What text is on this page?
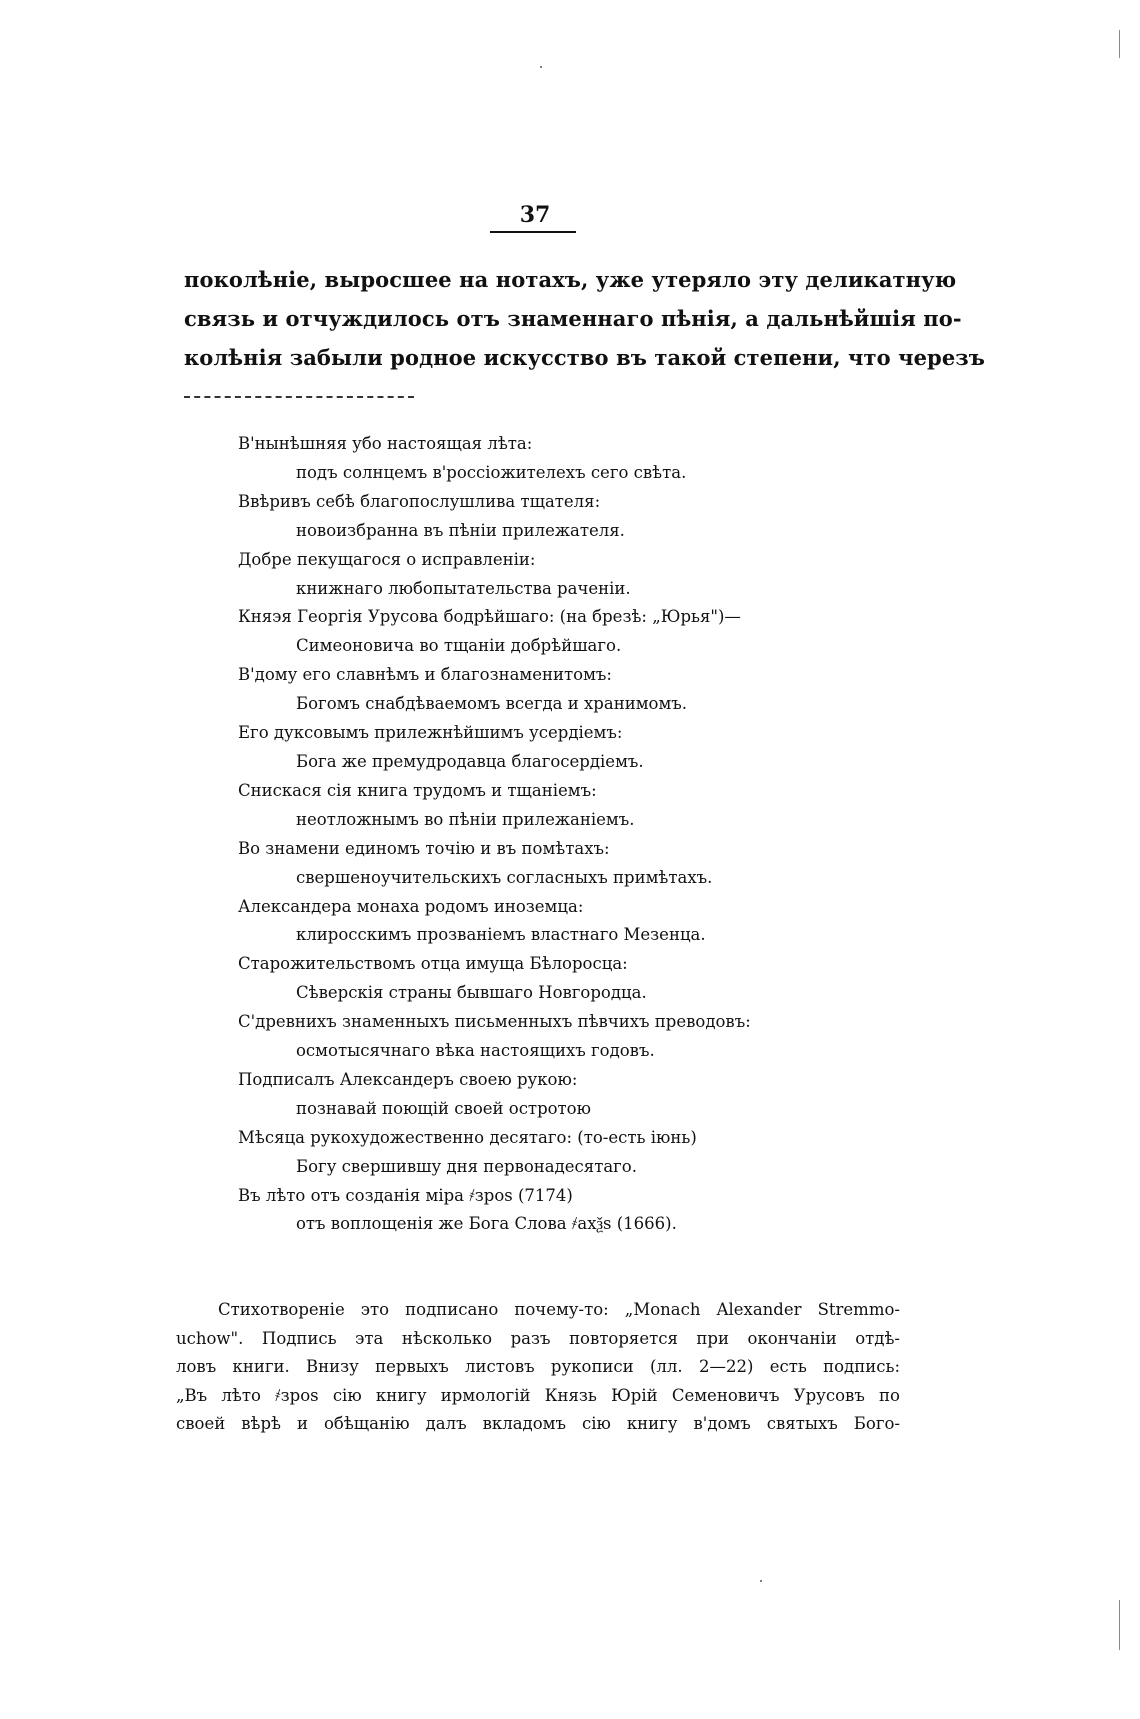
37
поколѣніе, выросшее на нотахъ, уже утеряло эту деликатную
связь и отчуждилось отъ знаменнаго пѣнія, а дальнѣйшія по-
колѣнія забыли родное искусство въ такой степени, что черезъ
В'нынѣшняя убо настоящая лѣта:
подъ солнцемъ в'россіожителехъ сего свѣта.
Ввѣривъ себѣ благопослушлива тщателя:
новоизбранна въ пѣніи прилежателя.
Добре пекущагося о исправленіи:
книжнаго любопытательства раченіи.
Княэя Георгія Урусова бодрѣйшаго: (на брезѣ: „Юрья")—
Симеоновича во тщаніи добрѣйшаго.
В'дому его славнѣмъ и благознаменитомъ:
Богомъ снабдѣваемомъ всегда и хранимомъ.
Его дуксовымъ прилежнѣйшимъ усердіемъ:
Бога же премудродавца благосердіемъ.
Снискася сія книга трудомъ и тщаніемъ:
неотложнымъ во пѣніи прилежаніемъ.
Во знамени единомъ точію и въ помѣтахъ:
свершеноучительскихъ согласныхъ примѣтахъ.
Александера монаха родомъ иноземца:
клиросскимъ прозваніемъ властнаго Мезенца.
Старожительствомъ отца имуща Бѣлоросца:
Сѣверскія страны бывшаго Новгородца.
С'древнихъ знаменныхъ письменныхъ пѣвчихъ преводовъ:
осмотысячнаго вѣка настоящихъ годовъ.
Подписалъ Александеръ своею рукою:
познавай поющій своей остротою
Мѣсяца рукохудожественно десятаго: (то-есть іюнь)
Богу свершившу дня первонадесятаго.
Въ лѣто отъ созданія міра ҂зроѕ (7174)
отъ воплощенія же Бога Слова ҂ахѯѕ (1666).
Стихотвореніе это подписано почему-то: „Monach Alexander Stremmo-
uchow". Подпись эта нѣсколько разъ повторяется при окончаніи отдѣ-
ловъ книги. Внизу первыхъ листовъ рукописи (лл. 2—22) есть подпись:
„Въ лѣто ҂зроѕ сію книгу ирмологій Князь Юрій Семеновичъ Урусовъ по
своей вѣрѣ и обѣщанію далъ вкладомъ сію книгу в'домъ святыхъ Бого-
